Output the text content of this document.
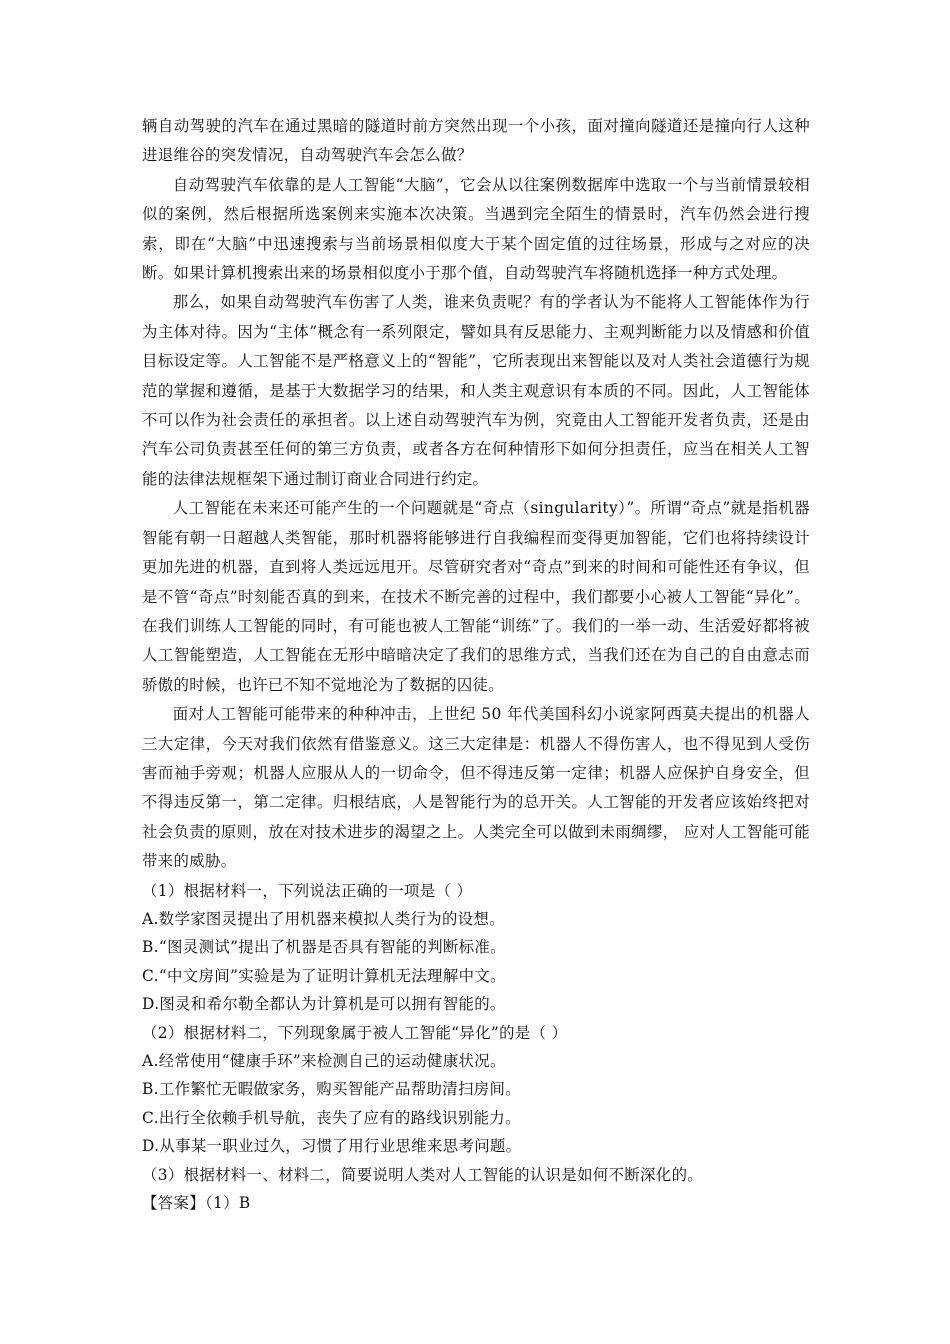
辆自动驾驶的汽车在通过黑暗的隧道时前方突然出现一个小孩，面对撞向隧道还是撞向行人这种进退维谷的突发情况，自动驾驶汽车会怎么做？

自动驾驶汽车依靠的是人工智能“大脑”，它会从以往案例数据库中选取一个与当前情景较相似的案例，然后根据所选案例来实施本次决策。当遇到完全陌生的情景时，汽车仍然会进行搜索，即在“大脑”中迅速搜索与当前场景相似度大于某个固定值的过往场景，形成与之对应的决断。如果计算机搜索出来的场景相似度小于那个值，自动驾驶汽车将随机选择一种方式处理。

那么，如果自动驾驶汽车伤害了人类，谁来负责呢？有的学者认为不能将人工智能体作为行为主体对待。因为“主体”概念有一系列限定，譬如具有反思能力、主观判断能力以及情感和价值目标设定等。人工智能不是严格意义上的“智能”，它所表现出来智能以及对人类社会道德行为规范的掌握和遵循，是基于大数据学习的结果，和人类主观意识有本质的不同。因此，人工智能体不可以作为社会责任的承担者。以上述自动驾驶汽车为例，究竟由人工智能开发者负责，还是由汽车公司负责甚至任何的第三方负责，或者各方在何种情形下如何分担责任，应当在相关人工智能的法律法规框架下通过制订商业合同进行约定。

人工智能在未来还可能产生的一个问题就是“奇点（singularity）”。所谓“奇点”就是指机器智能有朝一日超越人类智能，那时机器将能够进行自我编程而变得更加智能，它们也将持续设计更加先进的机器，直到将人类远远甩开。尽管研究者对“奇点”到来的时间和可能性还有争议，但是不管“奇点”时刻能否真的到来，在技术不断完善的过程中，我们都要小心被人工智能“异化”。在我们训练人工智能的同时，有可能也被人工智能“训练”了。我们的一举一动、生活爱好都将被人工智能塑造，人工智能在无形中暗暗决定了我们的思维方式，当我们还在为自己的自由意志而骄傲的时候，也许已不知不觉地沦为了数据的囚徒。

面对人工智能可能带来的种种冲击，上世纪 50 年代美国科幻小说家阿西莫夫提出的机器人三大定律，今天对我们依然有借鉴意义。这三大定律是：机器人不得伤害人，也不得见到人受伤害而袖手旁观；机器人应服从人的一切命令，但不得违反第一定律；机器人应保护自身安全，但不得违反第一，第二定律。归根结底，人是智能行为的总开关。人工智能的开发者应该始终把对社会负责的原则，放在对技术进步的渴望之上。人类完全可以做到未雨绸缪， 应对人工智能可能带来的威胁。

（1）根据材料一，下列说法正确的一项是（ ）

A.数学家图灵提出了用机器来模拟人类行为的设想。

B.“图灵测试”提出了机器是否具有智能的判断标准。

C.“中文房间”实验是为了证明计算机无法理解中文。

D.图灵和希尔勒全都认为计算机是可以拥有智能的。

（2）根据材料二，下列现象属于被人工智能“异化”的是（ ）

A.经常使用“健康手环”来检测自己的运动健康状况。

B.工作繁忙无暇做家务，购买智能产品帮助清扫房间。

C.出行全依赖手机导航，丧失了应有的路线识别能力。

D.从事某一职业过久，习惯了用行业思维来思考问题。

（3）根据材料一、材料二，简要说明人类对人工智能的认识是如何不断深化的。

【答案】（1）B
